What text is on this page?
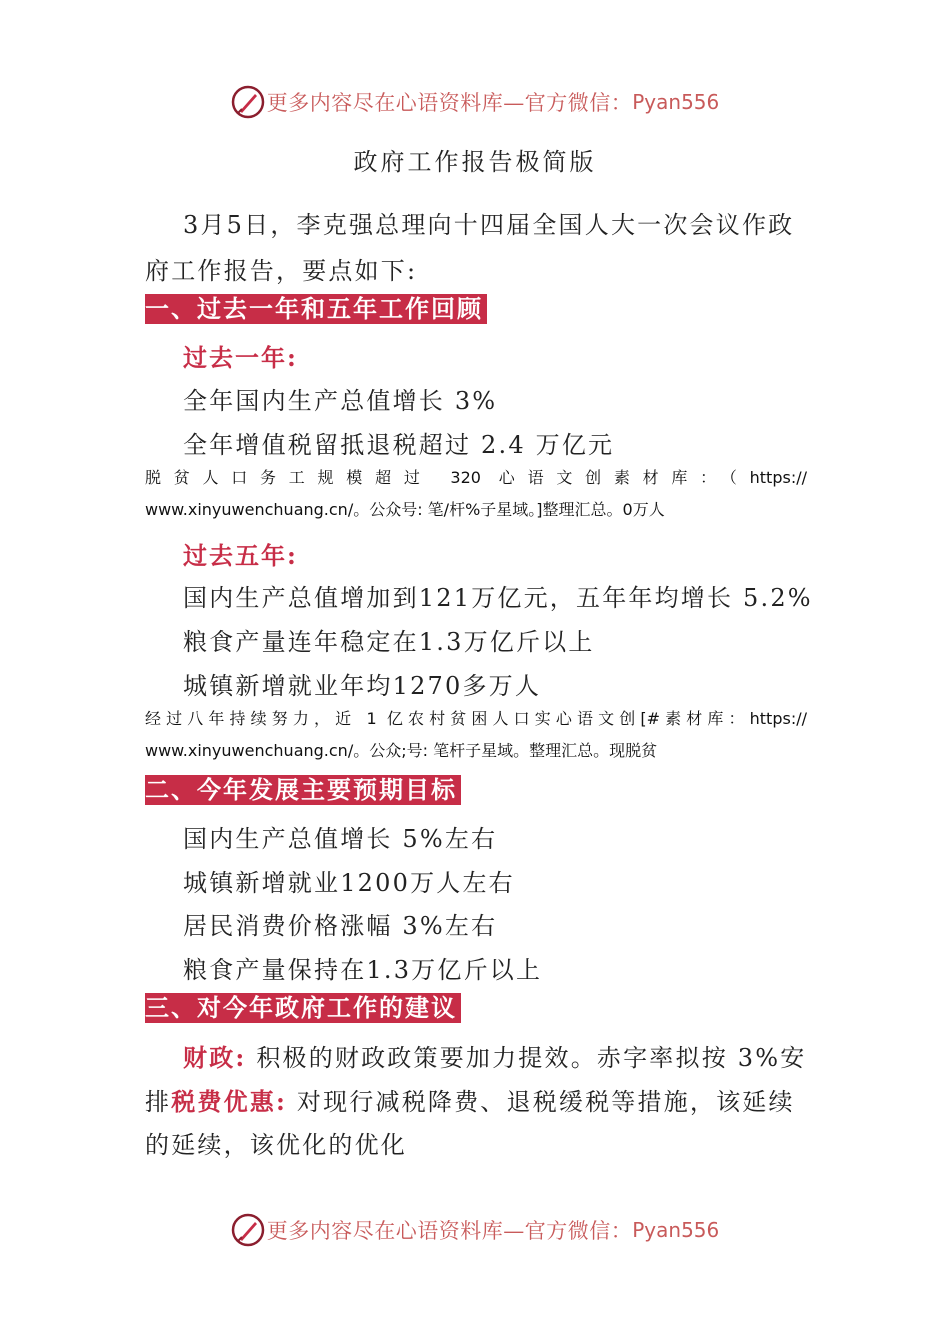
更多内容尽在心语资料库—官方微信： Pyan556
政府工作报告极简版
3月5日，李克强总理向十四届全国人大一次会议作政
府工作报告，要点如下:
一、过去一年和五年工作回顾
过去一年:
全年国内生产总值增长 3%
全年增值税留抵退税超过 2.4 万亿元
脱贫人口务工规模超过 320 心语文创素材库：（https://
www.xinyuwenchuang.cn/。公众号: 笔/杆%子星域。]整理汇总。0万人
过去五年:
国内生产总值增加到121万亿元，五年年均增长 5.2%
粮食产量连年稳定在1.3万亿斤以上
城镇新增就业年均1270多万人
经过八年持续努力，近 1 亿农村贫困人口实心语文创[#素材库：https://
www.xinyuwenchuang.cn/。公众;号: 笔杆子星域。整理汇总。现脱贫
二、今年发展主要预期目标
国内生产总值增长 5%左右
城镇新增就业1200万人左右
居民消费价格涨幅 3%左右
粮食产量保持在1.3万亿斤以上
三、对今年政府工作的建议
财政: 积极的财政政策要加力提效。赤字率拟按 3%安
排税费优惠: 对现行减税降费、退税缓税等措施，该延续
的延续，该优化的优化
更多内容尽在心语资料库—官方微信： Pyan556
